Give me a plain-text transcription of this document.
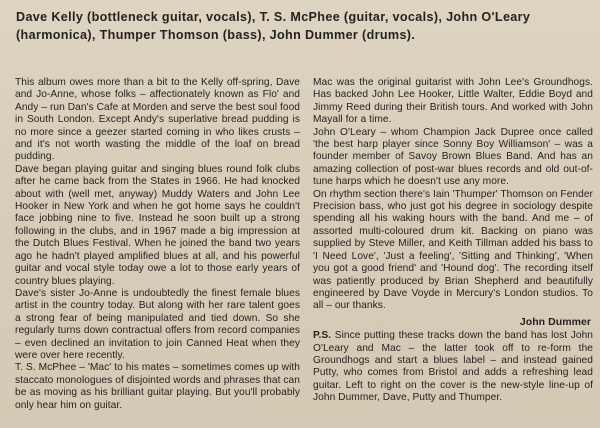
Dave Kelly (bottleneck guitar, vocals), T. S. McPhee (guitar, vocals), John O'Leary (harmonica), Thumper Thomson (bass), John Dummer (drums).

This album owes more than a bit to the Kelly off-spring, Dave and Jo-Anne, whose folks – affectionately known as Flo' and Andy – run Dan's Cafe at Morden and serve the best soul food in South London. Except Andy's superlative bread pudding is no more since a geezer started coming in who likes crusts – and it's not worth wasting the middle of the loaf on bread pudding.

Dave began playing guitar and singing blues round folk clubs after he came back from the States in 1966. He had knocked about with (well met, anyway) Muddy Waters and John Lee Hooker in New York and when he got home says he couldn't face jobbing nine to five. Instead he soon built up a strong following in the clubs, and in 1967 made a big impression at the Dutch Blues Festival. When he joined the band two years ago he hadn't played amplified blues at all, and his powerful guitar and vocal style today owe a lot to those early years of country blues playing.

Dave's sister Jo-Anne is undoubtedly the finest female blues artist in the country today. But along with her rare talent goes a strong fear of being manipulated and tied down. So she regularly turns down contractual offers from record companies – even declined an invitation to join Canned Heat when they were over here recently.

T. S. McPhee – 'Mac' to his mates – sometimes comes up with staccato monologues of disjointed words and phrases that can be as moving as his brilliant guitar playing. But you'll probably only hear him on guitar.

Mac was the original guitarist with John Lee's Groundhogs. Has backed John Lee Hooker, Little Walter, Eddie Boyd and Jimmy Reed during their British tours. And worked with John Mayall for a time.

John O'Leary – whom Champion Jack Dupree once called 'the best harp player since Sonny Boy Williamson' – was a founder member of Savoy Brown Blues Band. And has an amazing collection of post-war blues records and old out-of-tune harps which he doesn't use any more.

On rhythm section there's Iain 'Thumper' Thomson on Fender Precision bass, who just got his degree in sociology despite spending all his waking hours with the band. And me – of assorted multi-coloured drum kit. Backing on piano was supplied by Steve Miller, and Keith Tillman added his bass to 'I Need Love', 'Just a feeling', 'Sitting and Thinking', 'When you got a good friend' and 'Hound dog'. The recording itself was patiently produced by Brian Shepherd and beautifully engineered by Dave Voyde in Mercury's London studios. To all – our thanks.

John Dummer

P.S. Since putting these tracks down the band has lost John O'Leary and Mac – the latter took off to re-form the Groundhogs and start a blues label – and instead gained Putty, who comes from Bristol and adds a refreshing lead guitar. Left to right on the cover is the new-style line-up of John Dummer, Dave, Putty and Thumper.
